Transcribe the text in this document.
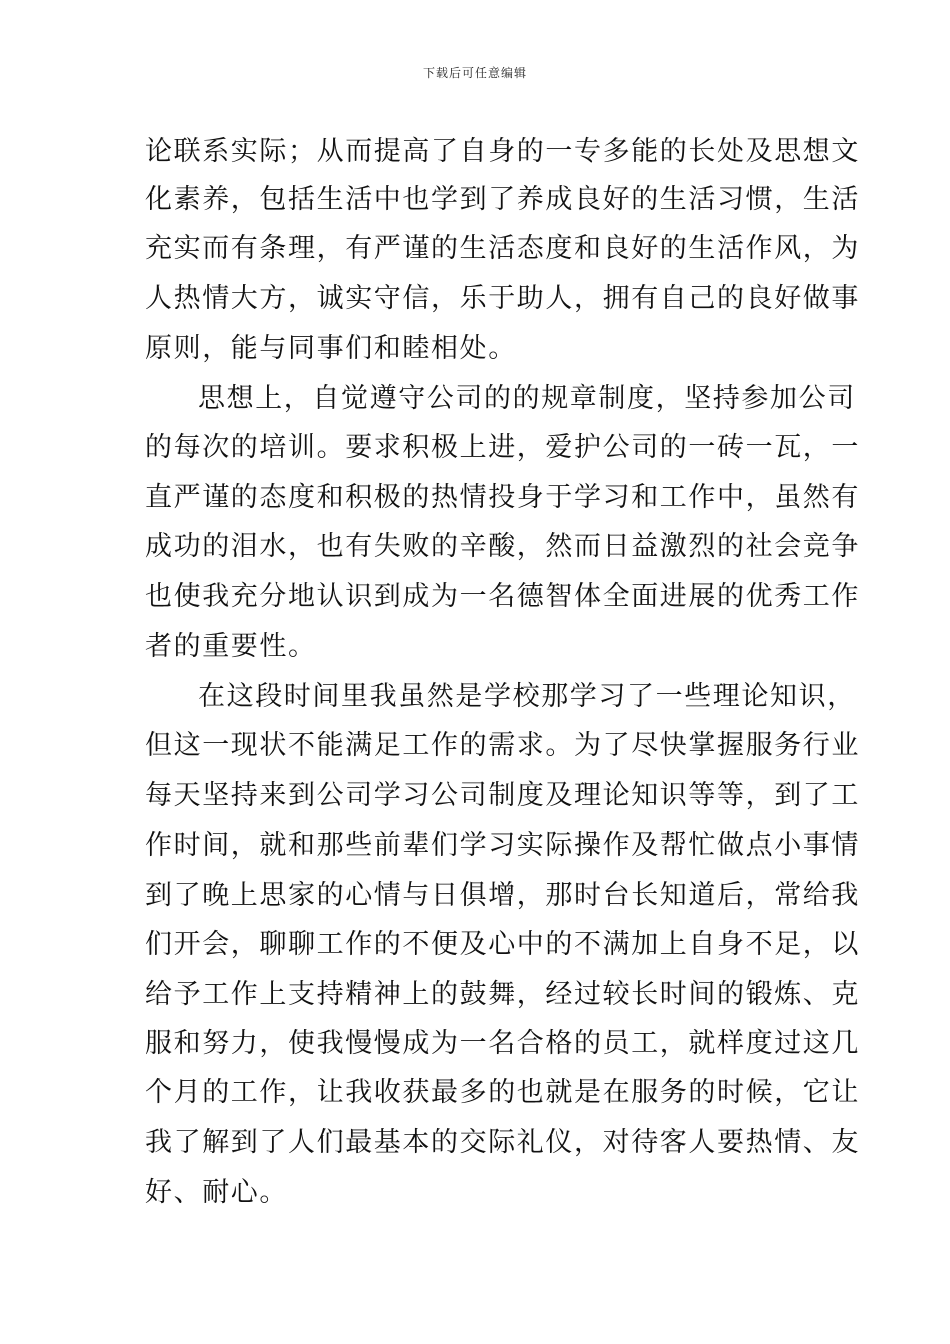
下载后可任意编辑

论联系实际；从而提高了自身的一专多能的长处及思想文

化素养，包括生活中也学到了养成良好的生活习惯，生活

充实而有条理，有严谨的生活态度和良好的生活作风，为

人热情大方，诚实守信，乐于助人，拥有自己的良好做事

原则，能与同事们和睦相处。

思想上，自觉遵守公司的的规章制度，坚持参加公司

的每次的培训。要求积极上进，爱护公司的一砖一瓦，一

直严谨的态度和积极的热情投身于学习和工作中，虽然有

成功的泪水，也有失败的辛酸，然而日益激烈的社会竞争

也使我充分地认识到成为一名德智体全面进展的优秀工作

者的重要性。

在这段时间里我虽然是学校那学习了一些理论知识，

但这一现状不能满足工作的需求。为了尽快掌握服务行业

每天坚持来到公司学习公司制度及理论知识等等，到了工

作时间，就和那些前辈们学习实际操作及帮忙做点小事情

到了晚上思家的心情与日俱增，那时台长知道后，常给我

们开会，聊聊工作的不便及心中的不满加上自身不足，以

给予工作上支持精神上的鼓舞，经过较长时间的锻炼、克

服和努力，使我慢慢成为一名合格的员工，就样度过这几

个月的工作，让我收获最多的也就是在服务的时候，它让

我了解到了人们最基本的交际礼仪，对待客人要热情、友

好、耐心。
